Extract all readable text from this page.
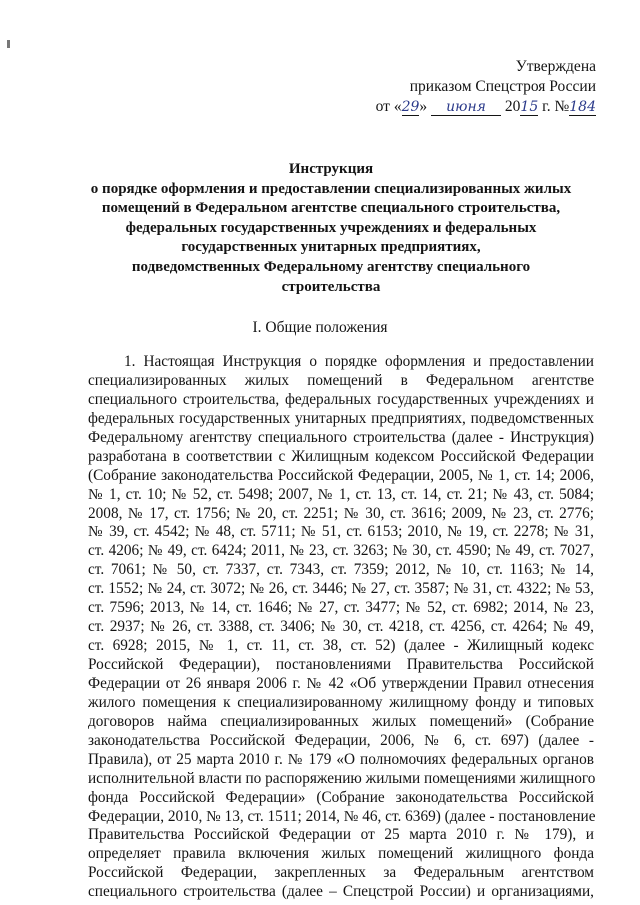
Утверждена
приказом Спецстроя России
от «29» июня 2015 г. №184
Инструкция
о порядке оформления и предоставлении специализированных жилых
помещений в Федеральном агентстве специального строительства,
федеральных государственных учреждениях и федеральных
государственных унитарных предприятиях,
подведомственных Федеральному агентству специального
строительства
I. Общие положения
1. Настоящая Инструкция о порядке оформления и предоставлении
специализированных жилых помещений в Федеральном агентстве
специального строительства, федеральных государственных учреждениях и
федеральных государственных унитарных предприятиях, подведомственных
Федеральному агентству специального строительства (далее - Инструкция)
разработана в соответствии с Жилищным кодексом Российской Федерации
(Собрание законодательства Российской Федерации, 2005, № 1, ст. 14; 2006,
№ 1, ст. 10; № 52, ст. 5498; 2007, № 1, ст. 13, ст. 14, ст. 21; № 43, ст. 5084;
2008, № 17, ст. 1756; № 20, ст. 2251; № 30, ст. 3616; 2009, № 23, ст. 2776;
№ 39, ст. 4542; № 48, ст. 5711; № 51, ст. 6153; 2010, № 19, ст. 2278; № 31,
ст. 4206; № 49, ст. 6424; 2011, № 23, ст. 3263; № 30, ст. 4590; № 49, ст. 7027,
ст. 7061; № 50, ст. 7337, ст. 7343, ст. 7359; 2012, № 10, ст. 1163; № 14,
ст. 1552; № 24, ст. 3072; № 26, ст. 3446; № 27, ст. 3587; № 31, ст. 4322; № 53,
ст. 7596; 2013, № 14, ст. 1646; № 27, ст. 3477; № 52, ст. 6982; 2014, № 23,
ст. 2937; № 26, ст. 3388, ст. 3406; № 30, ст. 4218, ст. 4256, ст. 4264; № 49,
ст. 6928; 2015, № 1, ст. 11, ст. 38, ст. 52) (далее - Жилищный кодекс
Российской Федерации), постановлениями Правительства Российской
Федерации от 26 января 2006 г. № 42 «Об утверждении Правил отнесения
жилого помещения к специализированному жилищному фонду и типовых
договоров найма специализированных жилых помещений» (Собрание
законодательства Российской Федерации, 2006, № 6, ст. 697) (далее -
Правила), от 25 марта 2010 г. № 179 «О полномочиях федеральных органов
исполнительной власти по распоряжению жилыми помещениями жилищного
фонда Российской Федерации» (Собрание законодательства Российской
Федерации, 2010, № 13, ст. 1511; 2014, № 46, ст. 6369) (далее - постановление
Правительства Российской Федерации от 25 марта 2010 г. № 179), и
определяет правила включения жилых помещений жилищного фонда
Российской Федерации, закрепленных за Федеральным агентством
специального строительства (далее – Спецстрой России) и организациями,
